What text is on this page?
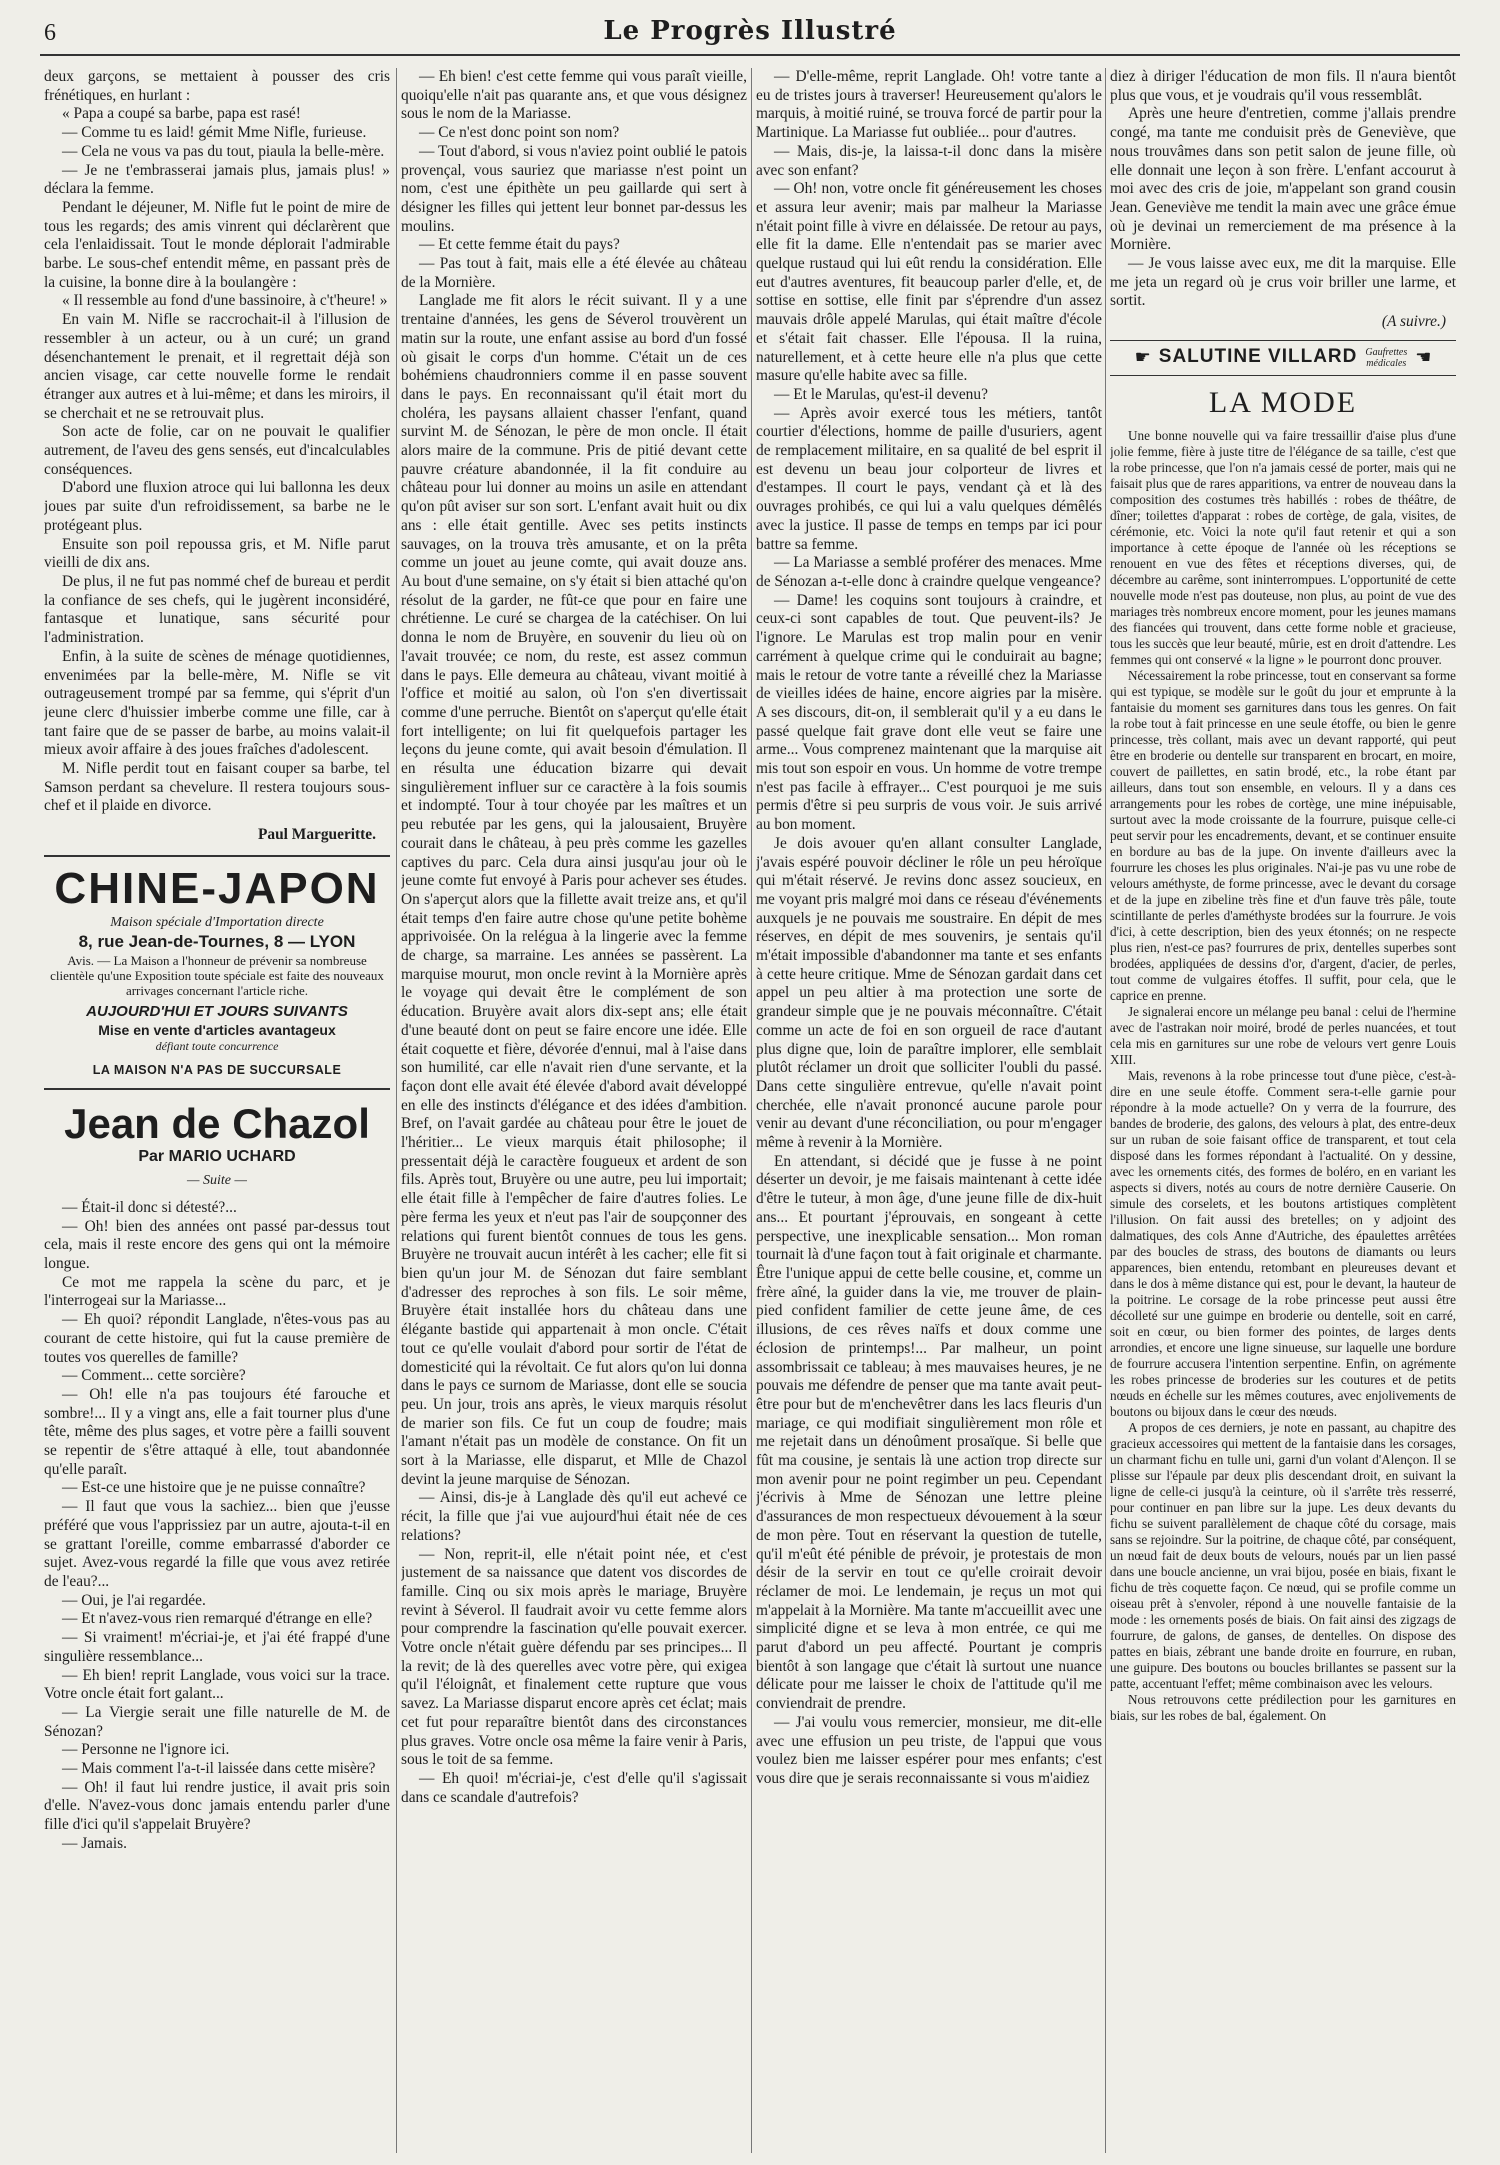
6	Le Progrès Illustré

deux garçons, se mettaient à pousser des cris frénétiques, en hurlant :

« Papa a coupé sa barbe, papa est rasé!

— Comme tu es laid! gémit Mme Nifle, furieuse.

— Cela ne vous va pas du tout, piaula la belle-mère.

— Je ne t'embrasserai jamais plus, jamais plus! » déclara la femme.

Pendant le déjeuner, M. Nifle fut le point de mire de tous les regards; des amis vinrent qui déclarèrent que cela l'enlaidissait. Tout le monde déplorait l'admirable barbe. Le sous-chef entendit même, en passant près de la cuisine, la bonne dire à la boulangère :

« Il ressemble au fond d'une bassinoire, à c't'heure! »

En vain M. Nifle se raccrochait-il à l'illusion de ressembler à un acteur, ou à un curé; un grand désenchantement le prenait, et il regrettait déjà son ancien visage, car cette nouvelle forme le rendait étranger aux autres et à lui-même; et dans les miroirs, il se cherchait et ne se retrouvait plus.

Son acte de folie, car on ne pouvait le qualifier autrement, de l'aveu des gens sensés, eut d'incalculables conséquences.

D'abord une fluxion atroce qui lui ballonna les deux joues par suite d'un refroidissement, sa barbe ne le protégeant plus.

Ensuite son poil repoussa gris, et M. Nifle parut vieilli de dix ans.

De plus, il ne fut pas nommé chef de bureau et perdit la confiance de ses chefs, qui le jugèrent inconsidéré, fantasque et lunatique, sans sécurité pour l'administration.

Enfin, à la suite de scènes de ménage quotidiennes, envenimées par la belle-mère, M. Nifle se vit outrageusement trompé par sa femme, qui s'éprit d'un jeune clerc d'huissier imberbe comme une fille, car à tant faire que de se passer de barbe, au moins valait-il mieux avoir affaire à des joues fraîches d'adolescent.

M. Nifle perdit tout en faisant couper sa barbe, tel Samson perdant sa chevelure. Il restera toujours sous-chef et il plaide en divorce.

Paul Margueritte.
CHINE-JAPON
Maison spéciale d'Importation directe
8, rue Jean-de-Tournes, 8 — LYON
Avis. — La Maison a l'honneur de prévenir sa nombreuse clientèle qu'une Exposition toute spéciale est faite des nouveaux arrivages concernant l'article riche.
AUJOURD'HUI ET JOURS SUIVANTS
Mise en vente d'articles avantageux
défiant toute concurrence
LA MAISON N'A PAS DE SUCCURSALE
Jean de Chazol
Par MARIO UCHARD
— Suite —

— Était-il donc si détesté?...

— Oh! bien des années ont passé par-dessus tout cela, mais il reste encore des gens qui ont la mémoire longue.

Ce mot me rappela la scène du parc, et je l'interrogeai sur la Mariasse...

— Eh quoi? répondit Langlade, n'êtes-vous pas au courant de cette histoire, qui fut la cause première de toutes vos querelles de famille?

— Comment... cette sorcière?

— Oh! elle n'a pas toujours été farouche et sombre!... Il y a vingt ans, elle a fait tourner plus d'une tête, même des plus sages, et votre père a failli souvent se repentir de s'être attaqué à elle, tout abandonnée qu'elle paraît.

— Est-ce une histoire que je ne puisse connaître?

— Il faut que vous la sachiez... bien que j'eusse préféré que vous l'apprissiez par un autre, ajouta-t-il en se grattant l'oreille, comme embarrassé d'aborder ce sujet. Avez-vous regardé la fille que vous avez retirée de l'eau?...

— Oui, je l'ai regardée.

— Et n'avez-vous rien remarqué d'étrange en elle?

— Si vraiment! m'écriai-je, et j'ai été frappé d'une singulière ressemblance...

— Eh bien! reprit Langlade, vous voici sur la trace. Votre oncle était fort galant...

— La Viergie serait une fille naturelle de M. de Sénozan?

— Personne ne l'ignore ici.

— Mais comment l'a-t-il laissée dans cette misère?

— Oh! il faut lui rendre justice, il avait pris soin d'elle. N'avez-vous donc jamais entendu parler d'une fille d'ici qu'il s'appelait Bruyère?

— Jamais.

— Eh bien! c'est cette femme qui vous paraît vieille, quoiqu'elle n'ait pas quarante ans, et que vous désignez sous le nom de la Mariasse.

— Ce n'est donc point son nom?

— Tout d'abord, si vous n'aviez point oublié le patois provençal, vous sauriez que mariasse n'est point un nom, c'est une épithète un peu gaillarde qui sert à désigner les filles qui jettent leur bonnet par-dessus les moulins.

— Et cette femme était du pays?

— Pas tout à fait, mais elle a été élevée au château de la Mornière.

Langlade me fit alors le récit suivant. Il y a une trentaine d'années, les gens de Séverol trouvèrent un matin sur la route, une enfant assise au bord d'un fossé où gisait le corps d'un homme. C'était un de ces bohémiens chaudronniers comme il en passe souvent dans le pays. En reconnaissant qu'il était mort du choléra, les paysans allaient chasser l'enfant, quand survint M. de Sénozan, le père de mon oncle. Il était alors maire de la commune. Pris de pitié devant cette pauvre créature abandonnée, il la fit conduire au château pour lui donner au moins un asile en attendant qu'on pût aviser sur son sort. L'enfant avait huit ou dix ans : elle était gentille. Avec ses petits instincts sauvages, on la trouva très amusante, et on la prêta comme un jouet au jeune comte, qui avait douze ans. Au bout d'une semaine, on s'y était si bien attaché qu'on résolut de la garder, ne fût-ce que pour en faire une chrétienne. Le curé se chargea de la catéchiser. On lui donna le nom de Bruyère, en souvenir du lieu où on l'avait trouvée; ce nom, du reste, est assez commun dans le pays. Elle demeura au château, vivant moitié à l'office et moitié au salon, où l'on s'en divertissait comme d'une perruche. Bientôt on s'aperçut qu'elle était fort intelligente; on lui fit quelquefois partager les leçons du jeune comte, qui avait besoin d'émulation. Il en résulta une éducation bizarre qui devait singulièrement influer sur ce caractère à la fois soumis et indompté. Tour à tour choyée par les maîtres et un peu rebutée par les gens, qui la jalousaient, Bruyère courait dans le château, à peu près comme les gazelles captives du parc. Cela dura ainsi jusqu'au jour où le jeune comte fut envoyé à Paris pour achever ses études. On s'aperçut alors que la fillette avait treize ans, et qu'il était temps d'en faire autre chose qu'une petite bohème apprivoisée. On la relégua à la lingerie avec la femme de charge, sa marraine. Les années se passèrent. La marquise mourut, mon oncle revint à la Mornière après le voyage qui devait être le complément de son éducation. Bruyère avait alors dix-sept ans; elle était d'une beauté dont on peut se faire encore une idée. Elle était coquette et fière, dévorée d'ennui, mal à l'aise dans son humilité, car elle n'avait rien d'une servante, et la façon dont elle avait été élevée d'abord avait développé en elle des instincts d'élégance et des idées d'ambition. Bref, on l'avait gardée au château pour être le jouet de l'héritier... Le vieux marquis était philosophe; il pressentait déjà le caractère fougueux et ardent de son fils. Après tout, Bruyère ou une autre, peu lui importait; elle était fille à l'empêcher de faire d'autres folies. Le père ferma les yeux et n'eut pas l'air de soupçonner des relations qui furent bientôt connues de tous les gens. Bruyère ne trouvait aucun intérêt à les cacher; elle fit si bien qu'un jour M. de Sénozan dut faire semblant d'adresser des reproches à son fils. Le soir même, Bruyère était installée hors du château dans une élégante bastide qui appartenait à mon oncle. C'était tout ce qu'elle voulait d'abord pour sortir de l'état de domesticité qui la révoltait. Ce fut alors qu'on lui donna dans le pays ce surnom de Mariasse, dont elle se soucia peu. Un jour, trois ans après, le vieux marquis résolut de marier son fils. Ce fut un coup de foudre; mais l'amant n'était pas un modèle de constance. On fit un sort à la Mariasse, elle disparut, et Mlle de Chazol devint la jeune marquise de Sénozan.

— Ainsi, dis-je à Langlade dès qu'il eut achevé ce récit, la fille que j'ai vue aujourd'hui était née de ces relations?

— Non, reprit-il, elle n'était point née, et c'est justement de sa naissance que datent vos discordes de famille. Cinq ou six mois après le mariage, Bruyère revint à Séverol. Il faudrait avoir vu cette femme alors pour comprendre la fascination qu'elle pouvait exercer. Votre oncle n'était guère défendu par ses principes... Il la revit; de là des querelles avec votre père, qui exigea qu'il l'éloignât, et finalement cette rupture que vous savez. La Mariasse disparut encore après cet éclat; mais cet fut pour reparaître bientôt dans des circonstances plus graves. Votre oncle osa même la faire venir à Paris, sous le toit de sa femme.

— Eh quoi! m'écriai-je, c'est d'elle qu'il s'agissait dans ce scandale d'autrefois?

— D'elle-même, reprit Langlade. Oh! votre tante a eu de tristes jours à traverser! Heureusement qu'alors le marquis, à moitié ruiné, se trouva forcé de partir pour la Martinique. La Mariasse fut oubliée... pour d'autres.

— Mais, dis-je, la laissa-t-il donc dans la misère avec son enfant?

— Oh! non, votre oncle fit généreusement les choses et assura leur avenir; mais par malheur la Mariasse n'était point fille à vivre en délaissée. De retour au pays, elle fit la dame. Elle n'entendait pas se marier avec quelque rustaud qui lui eût rendu la considération. Elle eut d'autres aventures, fit beaucoup parler d'elle, et, de sottise en sottise, elle finit par s'éprendre d'un assez mauvais drôle appelé Marulas, qui était maître d'école et s'était fait chasser. Elle l'épousa. Il la ruina, naturellement, et à cette heure elle n'a plus que cette masure qu'elle habite avec sa fille.

— Et le Marulas, qu'est-il devenu?

— Après avoir exercé tous les métiers, tantôt courtier d'élections, homme de paille d'usuriers, agent de remplacement militaire, en sa qualité de bel esprit il est devenu un beau jour colporteur de livres et d'estampes. Il court le pays, vendant çà et là des ouvrages prohibés, ce qui lui a valu quelques démêlés avec la justice. Il passe de temps en temps par ici pour battre sa femme.

— La Mariasse a semblé proférer des menaces. Mme de Sénozan a-t-elle donc à craindre quelque vengeance?

— Dame! les coquins sont toujours à craindre, et ceux-ci sont capables de tout. Que peuvent-ils? Je l'ignore. Le Marulas est trop malin pour en venir carrément à quelque crime qui le conduirait au bagne; mais le retour de votre tante a réveillé chez la Mariasse de vieilles idées de haine, encore aigries par la misère. A ses discours, dit-on, il semblerait qu'il y a eu dans le passé quelque fait grave dont elle veut se faire une arme... Vous comprenez maintenant que la marquise ait mis tout son espoir en vous. Un homme de votre trempe n'est pas facile à effrayer... C'est pourquoi je me suis permis d'être si peu surpris de vous voir. Je suis arrivé au bon moment.

Je dois avouer qu'en allant consulter Langlade, j'avais espéré pouvoir décliner le rôle un peu héroïque qui m'était réservé. Je revins donc assez soucieux, en me voyant pris malgré moi dans ce réseau d'événements auxquels je ne pouvais me soustraire. En dépit de mes réserves, en dépit de mes souvenirs, je sentais qu'il m'était impossible d'abandonner ma tante et ses enfants à cette heure critique. Mme de Sénozan gardait dans cet appel un peu altier à ma protection une sorte de grandeur simple que je ne pouvais méconnaître. C'était comme un acte de foi en son orgueil de race d'autant plus digne que, loin de paraître implorer, elle semblait plutôt réclamer un droit que solliciter l'oubli du passé. Dans cette singulière entrevue, qu'elle n'avait point cherchée, elle n'avait prononcé aucune parole pour venir au devant d'une réconciliation, ou pour m'engager même à revenir à la Mornière.

En attendant, si décidé que je fusse à ne point déserter un devoir, je me faisais maintenant à cette idée d'être le tuteur, à mon âge, d'une jeune fille de dix-huit ans... Et pourtant j'éprouvais, en songeant à cette perspective, une inexplicable sensation... Mon roman tournait là d'une façon tout à fait originale et charmante. Être l'unique appui de cette belle cousine, et, comme un frère aîné, la guider dans la vie, me trouver de plain-pied confident familier de cette jeune âme, de ces illusions, de ces rêves naïfs et doux comme une éclosion de printemps!... Par malheur, un point assombrissait ce tableau; à mes mauvaises heures, je ne pouvais me défendre de penser que ma tante avait peut-être pour but de m'enchevêtrer dans les lacs fleuris d'un mariage, ce qui modifiait singulièrement mon rôle et me rejetait dans un dénoûment prosaïque. Si belle que fût ma cousine, je sentais là une action trop directe sur mon avenir pour ne point regimber un peu. Cependant j'écrivis à Mme de Sénozan une lettre pleine d'assurances de mon respectueux dévouement à la sœur de mon père. Tout en réservant la question de tutelle, qu'il m'eût été pénible de prévoir, je protestais de mon désir de la servir en tout ce qu'elle croirait devoir réclamer de moi. Le lendemain, je reçus un mot qui m'appelait à la Mornière. Ma tante m'accueillit avec une simplicité digne et se leva à mon entrée, ce qui me parut d'abord un peu affecté. Pourtant je compris bientôt à son langage que c'était là surtout une nuance délicate pour me laisser le choix de l'attitude qu'il me conviendrait de prendre.

— J'ai voulu vous remercier, monsieur, me dit-elle avec une effusion un peu triste, de l'appui que vous voulez bien me laisser espérer pour mes enfants; c'est vous dire que je serais reconnaissante si vous m'aidiez

diez à diriger l'éducation de mon fils. Il n'aura bientôt plus que vous, et je voudrais qu'il vous ressemblât.

Après une heure d'entretien, comme j'allais prendre congé, ma tante me conduisit près de Geneviève, que nous trouvâmes dans son petit salon de jeune fille, où elle donnait une leçon à son frère. L'enfant accourut à moi avec des cris de joie, m'appelant son grand cousin Jean. Geneviève me tendit la main avec une grâce émue où je devinai un remerciement de ma présence à la Mornière.

— Je vous laisse avec eux, me dit la marquise. Elle me jeta un regard où je crus voir briller une larme, et sortit.

(A suivre.)
☛ SALUTINE VILLARD Gaufrettes
médicales ☚
LA MODE

Une bonne nouvelle qui va faire tressaillir d'aise plus d'une jolie femme, fière à juste titre de l'élégance de sa taille, c'est que la robe princesse, que l'on n'a jamais cessé de porter, mais qui ne faisait plus que de rares apparitions, va entrer de nouveau dans la composition des costumes très habillés : robes de théâtre, de dîner; toilettes d'apparat : robes de cortège, de gala, visites, de cérémonie, etc. Voici la note qu'il faut retenir et qui a son importance à cette époque de l'année où les réceptions se renouent en vue des fêtes et réceptions diverses, qui, de décembre au carême, sont ininterrompues. L'opportunité de cette nouvelle mode n'est pas douteuse, non plus, au point de vue des mariages très nombreux encore moment, pour les jeunes mamans des fiancées qui trouvent, dans cette forme noble et gracieuse, tous les succès que leur beauté, mûrie, est en droit d'attendre. Les femmes qui ont conservé « la ligne » le pourront donc prouver.

Nécessairement la robe princesse, tout en conservant sa forme qui est typique, se modèle sur le goût du jour et emprunte à la fantaisie du moment ses garnitures dans tous les genres. On fait la robe tout à fait princesse en une seule étoffe, ou bien le genre princesse, très collant, mais avec un devant rapporté, qui peut être en broderie ou dentelle sur transparent en brocart, en moire, couvert de paillettes, en satin brodé, etc., la robe étant par ailleurs, dans tout son ensemble, en velours. Il y a dans ces arrangements pour les robes de cortège, une mine inépuisable, surtout avec la mode croissante de la fourrure, puisque celle-ci peut servir pour les encadrements, devant, et se continuer ensuite en bordure au bas de la jupe. On invente d'ailleurs avec la fourrure les choses les plus originales. N'ai-je pas vu une robe de velours améthyste, de forme princesse, avec le devant du corsage et de la jupe en zibeline très fine et d'un fauve très pâle, toute scintillante de perles d'améthyste brodées sur la fourrure. Je vois d'ici, à cette description, bien des yeux étonnés; on ne respecte plus rien, n'est-ce pas? fourrures de prix, dentelles superbes sont brodées, appliquées de dessins d'or, d'argent, d'acier, de perles, tout comme de vulgaires étoffes. Il suffit, pour cela, que le caprice en prenne.

Je signalerai encore un mélange peu banal : celui de l'hermine avec de l'astrakan noir moiré, brodé de perles nuancées, et tout cela mis en garnitures sur une robe de velours vert genre Louis XIII.

Mais, revenons à la robe princesse tout d'une pièce, c'est-à-dire en une seule étoffe. Comment sera-t-elle garnie pour répondre à la mode actuelle? On y verra de la fourrure, des bandes de broderie, des galons, des velours à plat, des entre-deux sur un ruban de soie faisant office de transparent, et tout cela disposé dans les formes répondant à l'actualité. On y dessine, avec les ornements cités, des formes de boléro, en en variant les aspects si divers, notés au cours de notre dernière Causerie. On simule des corselets, et les boutons artistiques complètent l'illusion. On fait aussi des bretelles; on y adjoint des dalmatiques, des cols Anne d'Autriche, des épaulettes arrêtées par des boucles de strass, des boutons de diamants ou leurs apparences, bien entendu, retombant en pleureuses devant et dans le dos à même distance qui est, pour le devant, la hauteur de la poitrine. Le corsage de la robe princesse peut aussi être décolleté sur une guimpe en broderie ou dentelle, soit en carré, soit en cœur, ou bien former des pointes, de larges dents arrondies, et encore une ligne sinueuse, sur laquelle une bordure de fourrure accusera l'intention serpentine. Enfin, on agrémente les robes princesse de broderies sur les coutures et de petits nœuds en échelle sur les mêmes coutures, avec enjolivements de boutons ou bijoux dans le cœur des nœuds.

A propos de ces derniers, je note en passant, au chapitre des gracieux accessoires qui mettent de la fantaisie dans les corsages, un charmant fichu en tulle uni, garni d'un volant d'Alençon. Il se plisse sur l'épaule par deux plis descendant droit, en suivant la ligne de celle-ci jusqu'à la ceinture, où il s'arrête très resserré, pour continuer en pan libre sur la jupe. Les deux devants du fichu se suivent parallèlement de chaque côté du corsage, mais sans se rejoindre. Sur la poitrine, de chaque côté, par conséquent, un nœud fait de deux bouts de velours, noués par un lien passé dans une boucle ancienne, un vrai bijou, posée en biais, fixant le fichu de très coquette façon. Ce nœud, qui se profile comme un oiseau prêt à s'envoler, répond à une nouvelle fantaisie de la mode : les ornements posés de biais. On fait ainsi des zigzags de fourrure, de galons, de ganses, de dentelles. On dispose des pattes en biais, zébrant une bande droite en fourrure, en ruban, une guipure. Des boutons ou boucles brillantes se passent sur la patte, accentuant l'effet; même combinaison avec les velours.

Nous retrouvons cette prédilection pour les garnitures en biais, sur les robes de bal, également. On
